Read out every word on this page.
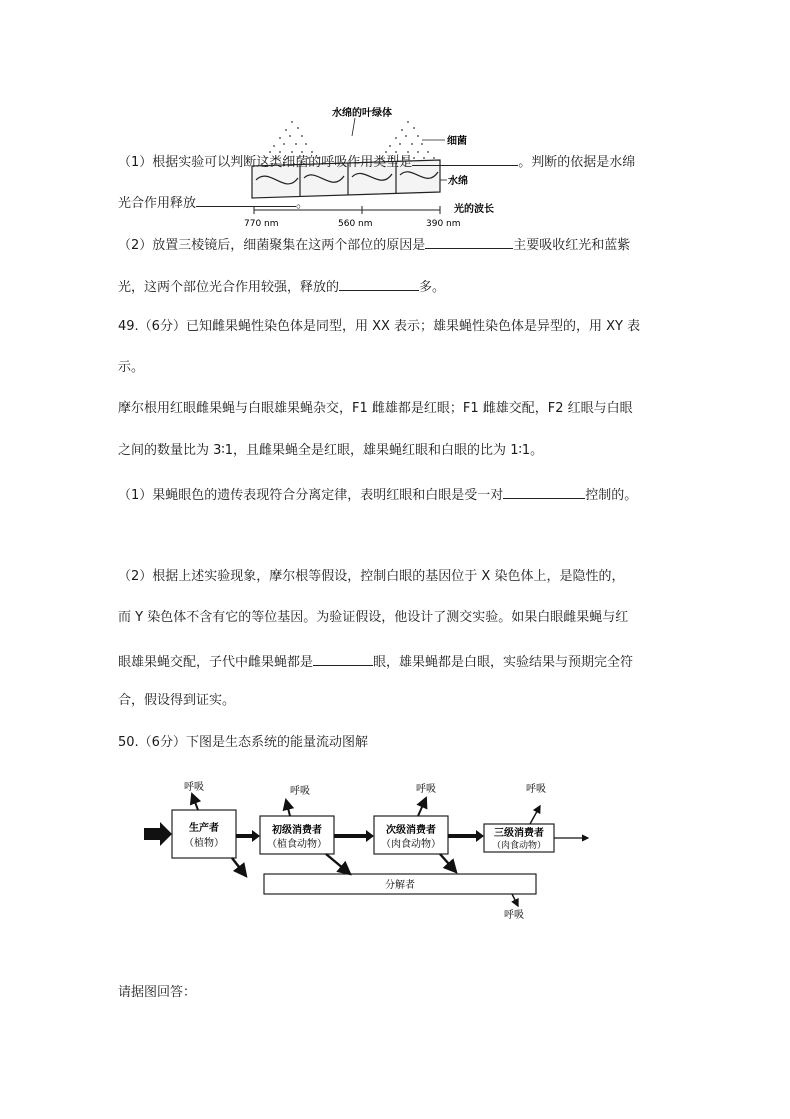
水绵的叶绿体
细菌
水绵
光的波长
770 nm	560 nm	390 nm
（1）根据实验可以判断这类细菌的呼吸作用类型是	。判断的依据是水绵
光合作用释放	。
（2）放置三棱镜后，细菌聚集在这两个部位的原因是	主要吸收红光和蓝紫
光，这两个部位光合作用较强，释放的	多。
49.（6分）已知雌果蝇性染色体是同型，用 XX 表示；雄果蝇性染色体是异型的，用 XY 表
示。
摩尔根用红眼雌果蝇与白眼雄果蝇杂交，F1 雌雄都是红眼；F1 雌雄交配，F2 红眼与白眼
之间的数量比为 3∶1，且雌果蝇全是红眼，雄果蝇红眼和白眼的比为 1∶1。
（1）果蝇眼色的遗传表现符合分离定律，表明红眼和白眼是受一对	控制的。
（2）根据上述实验现象，摩尔根等假设，控制白眼的基因位于 X 染色体上，是隐性的，
而 Y 染色体不含有它的等位基因。为验证假设，他设计了测交实验。如果白眼雌果蝇与红
眼雄果蝇交配，子代中雌果蝇都是	眼，雄果蝇都是白眼，实验结果与预期完全符
合，假设得到证实。
50.（6分）下图是生态系统的能量流动图解
生产者
（植物）
初级消费者
（植食动物）
次级消费者
（肉食动物）
三级消费者
（肉食动物）
分解者
呼吸	呼吸	呼吸	呼吸
呼吸
请据图回答：
